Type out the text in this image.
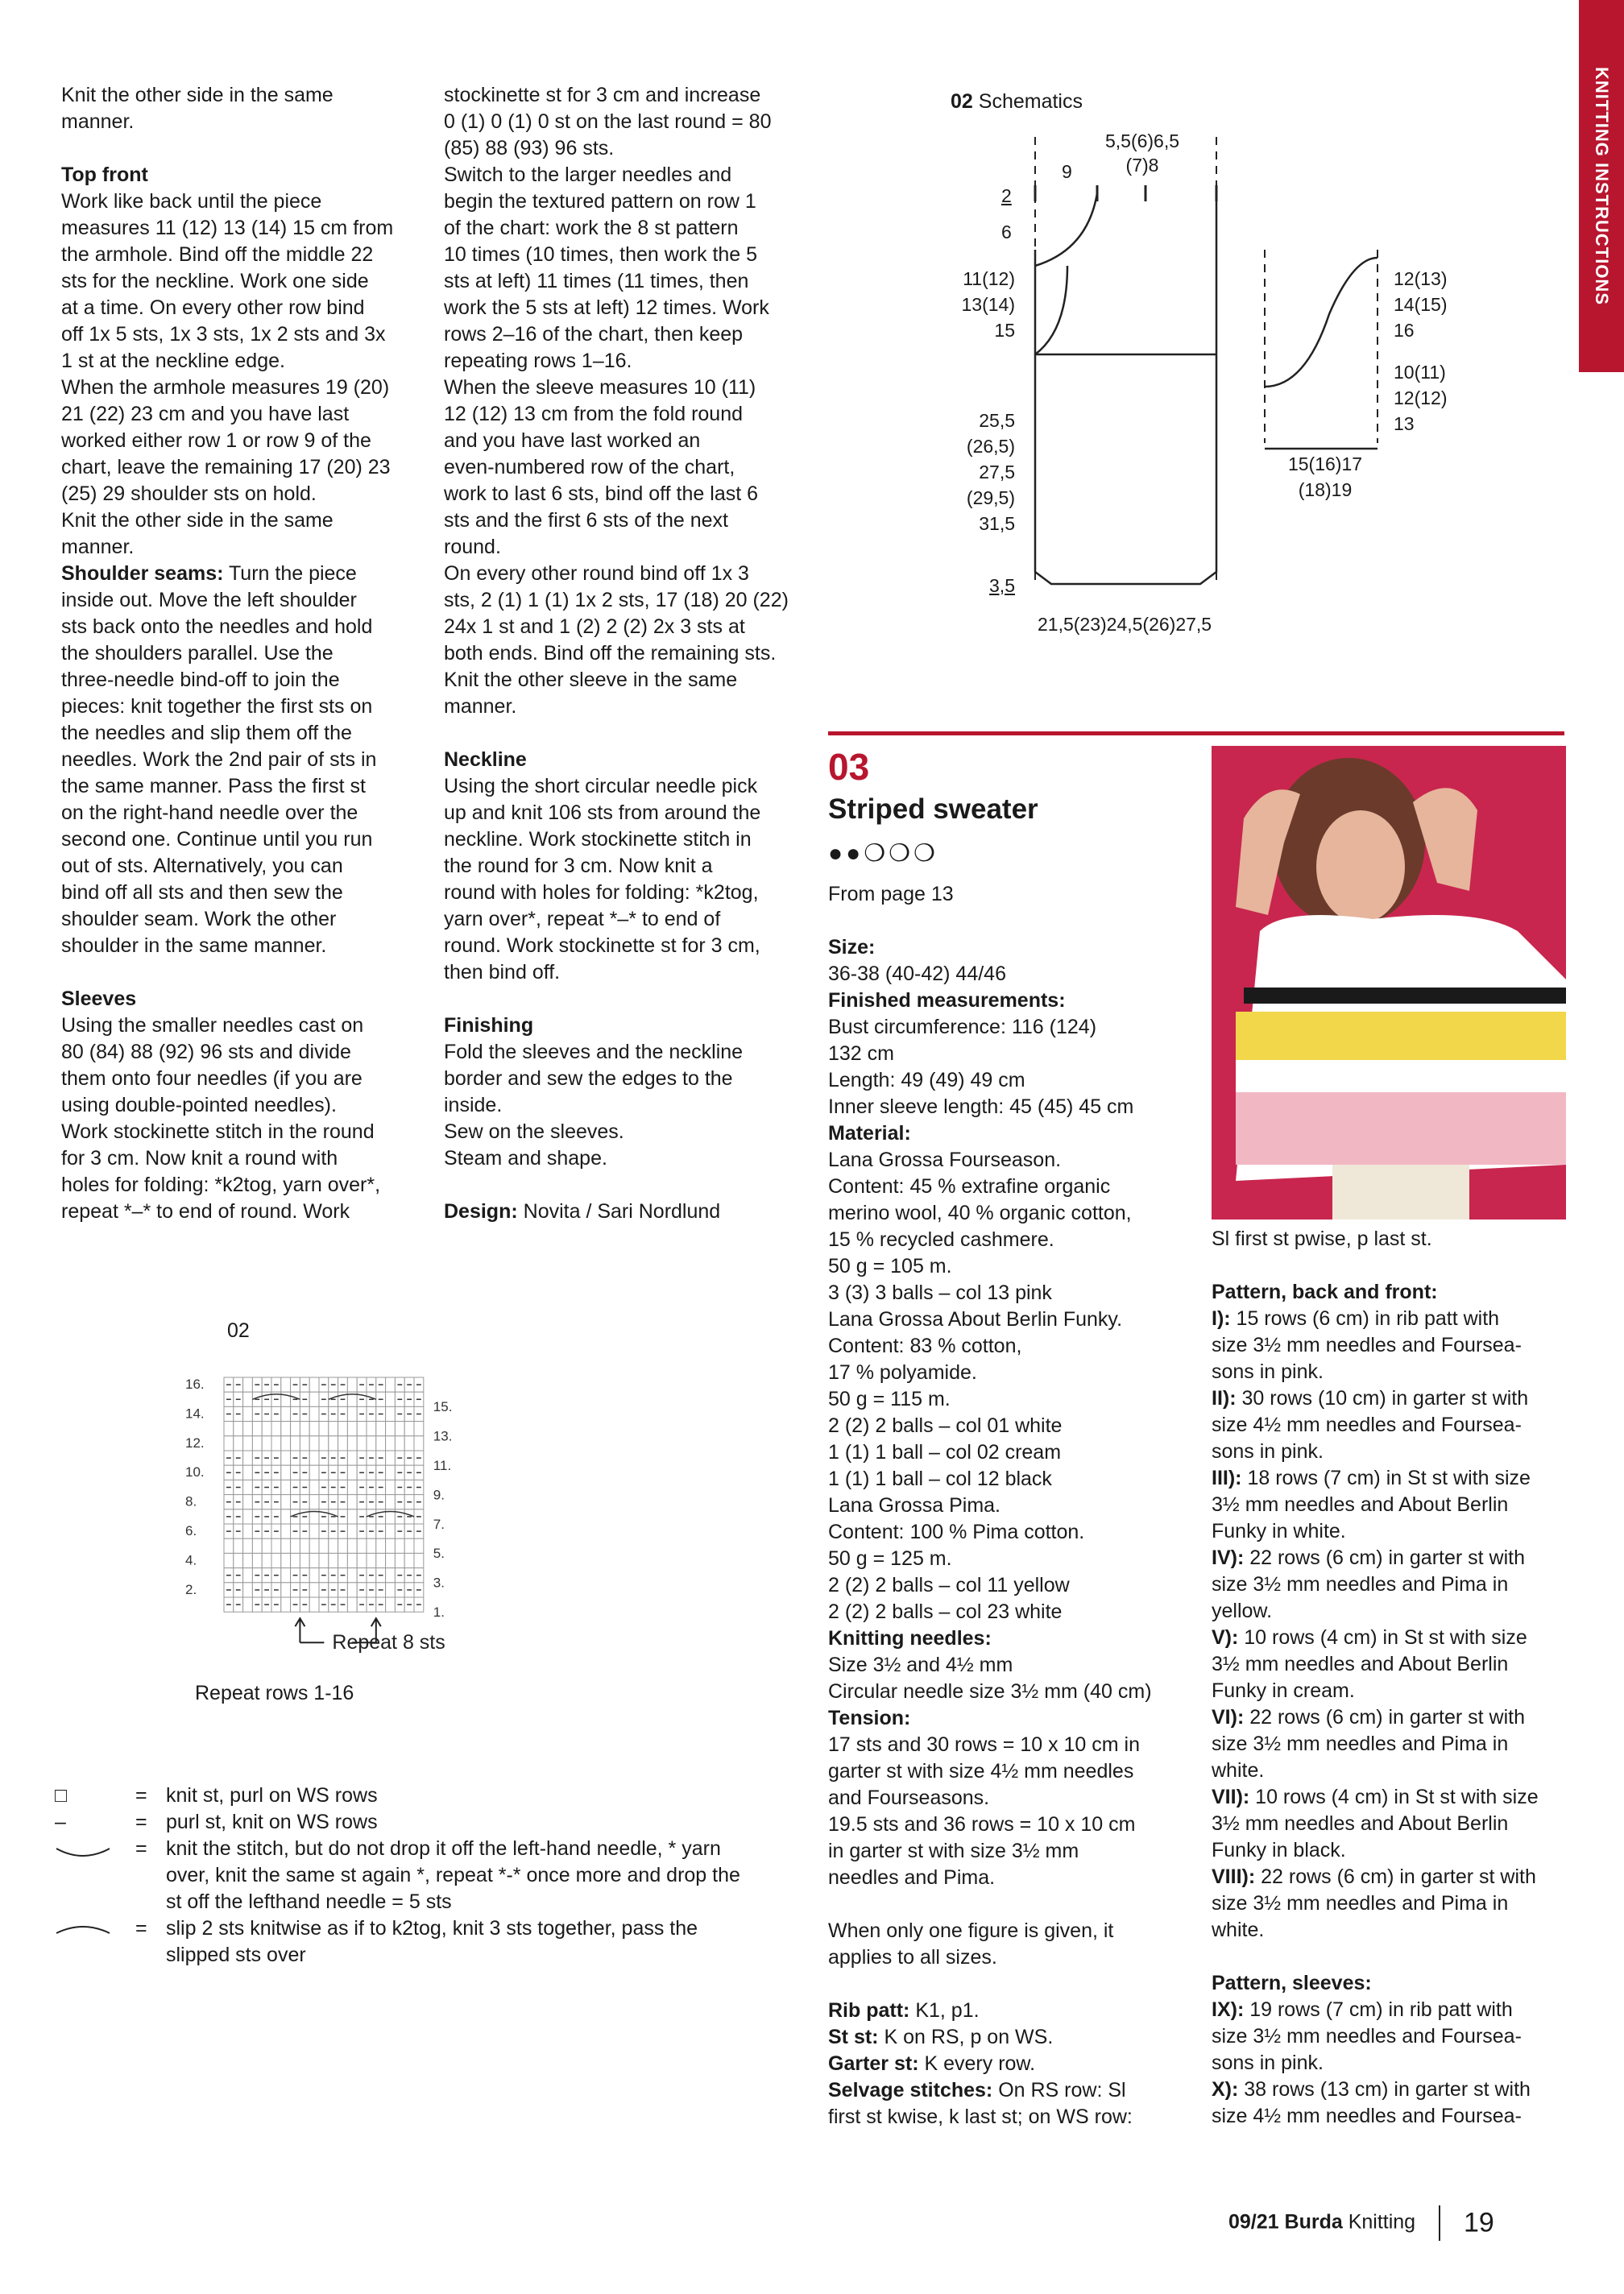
KNITTING INSTRUCTIONS

Knit the other side in the same
manner.

Top front

Work like back until the piece
measures 11 (12) 13 (14) 15 cm from
the armhole. Bind off the middle 22
sts for the neckline. Work one side
at a time. On every other row bind
off 1x 5 sts, 1x 3 sts, 1x 2 sts and 3x
1 st at the neckline edge.
When the armhole measures 19 (20)
21 (22) 23 cm and you have last
worked either row 1 or row 9 of the
chart, leave the remaining 17 (20) 23
(25) 29 shoulder sts on hold.
Knit the other side in the same
manner.

Shoulder seams: Turn the piece
inside out. Move the left shoulder
sts back onto the needles and hold
the shoulders parallel. Use the
three-needle bind-off to join the
pieces: knit together the first sts on
the needles and slip them off the
needles. Work the 2nd pair of sts in
the same manner. Pass the first st
on the right-hand needle over the
second one. Continue until you run
out of sts. Alternatively, you can
bind off all sts and then sew the
shoulder seam. Work the other
shoulder in the same manner.

Sleeves

Using the smaller needles cast on
80 (84) 88 (92) 96 sts and divide
them onto four needles (if you are
using double-pointed needles).
Work stockinette stitch in the round
for 3 cm. Now knit a round with
holes for folding: *k2tog, yarn over*,
repeat *–* to end of round. Work

stockinette st for 3 cm and increase
0 (1) 0 (1) 0 st on the last round = 80
(85) 88 (93) 96 sts.
Switch to the larger needles and
begin the textured pattern on row 1
of the chart: work the 8 st pattern
10 times (10 times, then work the 5
sts at left) 11 times (11 times, then
work the 5 sts at left) 12 times. Work
rows 2–16 of the chart, then keep
repeating rows 1–16.
When the sleeve measures 10 (11)
12 (12) 13 cm from the fold round
and you have last worked an
even-numbered row of the chart,
work to last 6 sts, bind off the last 6
sts and the first 6 sts of the next
round.
On every other round bind off 1x 3
sts, 2 (1) 1 (1) 1x 2 sts, 17 (18) 20 (22)
24x 1 st and 1 (2) 2 (2) 2x 3 sts at
both ends. Bind off the remaining sts.
Knit the other sleeve in the same
manner.

Neckline

Using the short circular needle pick
up and knit 106 sts from around the
neckline. Work stockinette stitch in
the round for 3 cm. Now knit a
round with holes for folding: *k2tog,
yarn over*, repeat *–* to end of
round. Work stockinette st for 3 cm,
then bind off.

Finishing

Fold the sleeves and the neckline
border and sew the edges to the
inside.
Sew on the sleeves.
Steam and shape.

Design: Novita / Sari Nordlund

02 Schematics
5,5(6)6,5
(7)8
9
2
6
11(12)
13(14)
15
25,5
(26,5)
27,5
(29,5)
31,5
3,5
21,5(23)24,5(26)27,5
12(13)
14(15)
16
10(11)
12(12)
13
15(16)17
(18)19
03
Striped sweater
●●❍❍❍

From page 13

Size:

36-38 (40-42) 44/46

Finished measurements:

Bust circumference: 116 (124)
132 cm
Length: 49 (49) 49 cm
Inner sleeve length: 45 (45) 45 cm

Material:

Lana Grossa Fourseason.
Content: 45 % extrafine organic
merino wool, 40 % organic cotton,
15 % recycled cashmere.
50 g = 105 m.
3 (3) 3 balls – col 13 pink
Lana Grossa About Berlin Funky.
Content: 83 % cotton,
17 % polyamide.
50 g = 115 m.
2 (2) 2 balls – col 01 white
1 (1) 1 ball – col 02 cream
1 (1) 1 ball – col 12 black
Lana Grossa Pima.
Content: 100 % Pima cotton.
50 g = 125 m.
2 (2) 2 balls – col 11 yellow
2 (2) 2 balls – col 23 white

Knitting needles:

Size 3½ and 4½ mm
Circular needle size 3½ mm (40 cm)

Tension:

17 sts and 30 rows = 10 x 10 cm in
garter st with size 4½ mm needles
and Fourseasons.
19.5 sts and 36 rows = 10 x 10 cm
in garter st with size 3½ mm
needles and Pima.

When only one figure is given, it
applies to all sizes.

Rib patt: K1, p1.

St st: K on RS, p on WS.

Garter st: K every row.

Selvage stitches: On RS row: Sl
first st kwise, k last st; on WS row:

Sl first st pwise, p last st.

Pattern, back and front:

I): 15 rows (6 cm) in rib patt with
size 3½ mm needles and Foursea-
sons in pink.

II): 30 rows (10 cm) in garter st with
size 4½ mm needles and Foursea-
sons in pink.

III): 18 rows (7 cm) in St st with size
3½ mm needles and About Berlin
Funky in white.

IV): 22 rows (6 cm) in garter st with
size 3½ mm needles and Pima in
yellow.

V): 10 rows (4 cm) in St st with size
3½ mm needles and About Berlin
Funky in cream.

VI): 22 rows (6 cm) in garter st with
size 3½ mm needles and Pima in
white.

VII): 10 rows (4 cm) in St st with size
3½ mm needles and About Berlin
Funky in black.

VIII): 22 rows (6 cm) in garter st with
size 3½ mm needles and Pima in
white.

Pattern, sleeves:

IX): 19 rows (7 cm) in rib patt with
size 3½ mm needles and Foursea-
sons in pink.

X): 38 rows (13 cm) in garter st with
size 4½ mm needles and Foursea-

02
16.
14.
12.
10.
8.
6.
4.
2.
15.
13.
11.
9.
7.
5.
3.
1.
Repeat 8 sts
Repeat rows 1-16
□	= knit st, purl on WS rows
–	= purl st, knit on WS rows
= knit the stitch, but do not drop it off the left-hand needle, * yarn
over, knit the same st again *, repeat *-* once more and drop the
st off the lefthand needle = 5 sts
= slip 2 sts knitwise as if to k2tog, knit 3 sts together, pass the
slipped sts over
09/21 Burda Knitting 19
